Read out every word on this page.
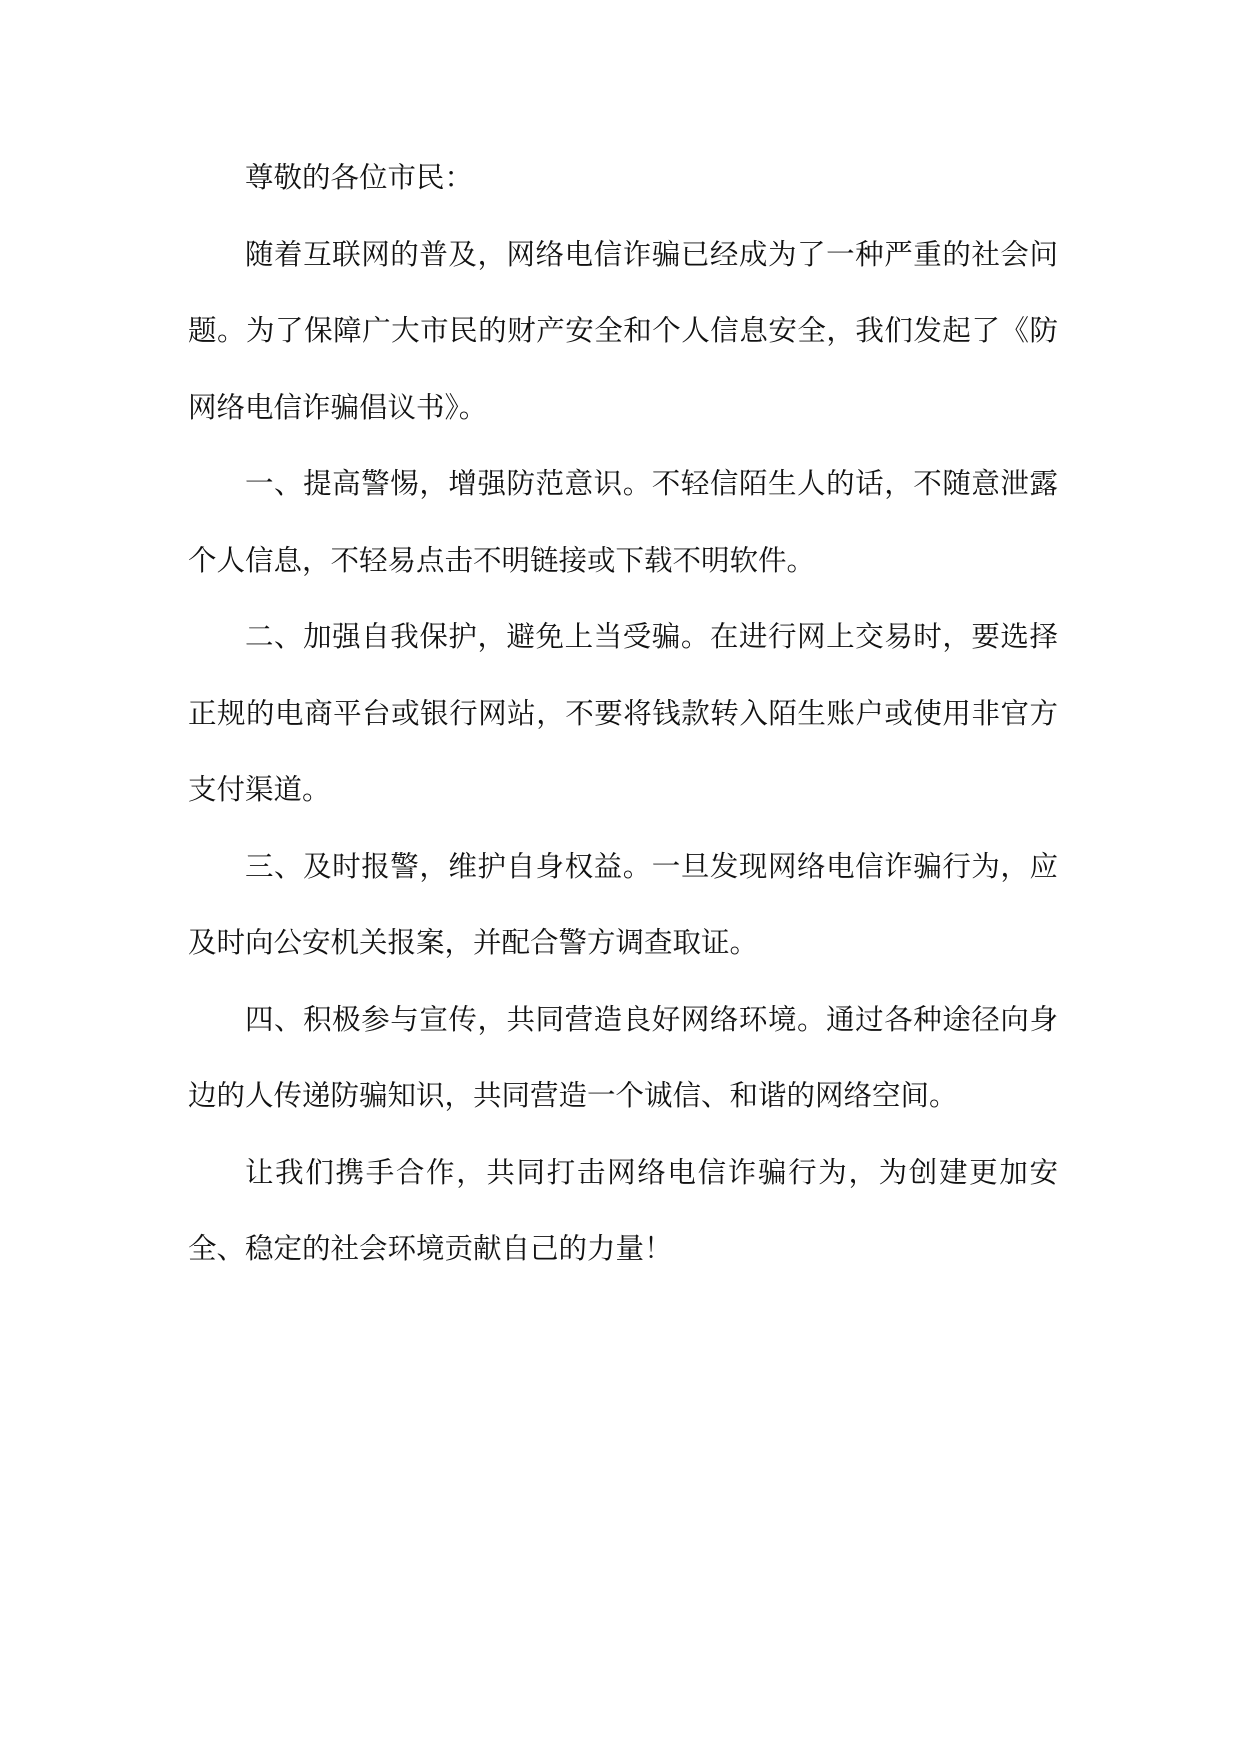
尊敬的各位市民：

随着互联网的普及，网络电信诈骗已经成为了一种严重的社会问题。为了保障广大市民的财产安全和个人信息安全，我们发起了《防网络电信诈骗倡议书》。

一、提高警惕，增强防范意识。不轻信陌生人的话，不随意泄露个人信息，不轻易点击不明链接或下载不明软件。

二、加强自我保护，避免上当受骗。在进行网上交易时，要选择正规的电商平台或银行网站，不要将钱款转入陌生账户或使用非官方支付渠道。

三、及时报警，维护自身权益。一旦发现网络电信诈骗行为，应及时向公安机关报案，并配合警方调查取证。

四、积极参与宣传，共同营造良好网络环境。通过各种途径向身边的人传递防骗知识，共同营造一个诚信、和谐的网络空间。

让我们携手合作，共同打击网络电信诈骗行为，为创建更加安全、稳定的社会环境贡献自己的力量！
